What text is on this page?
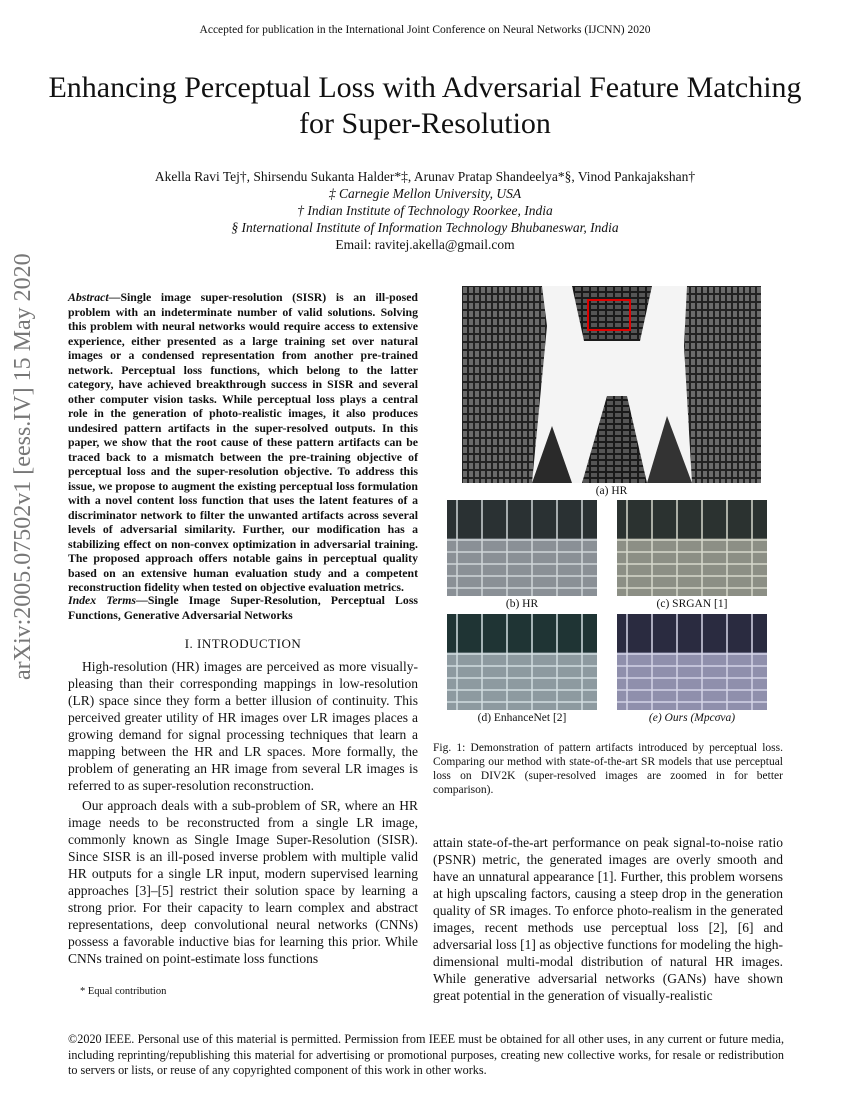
Accepted for publication in the International Joint Conference on Neural Networks (IJCNN) 2020
Enhancing Perceptual Loss with Adversarial Feature Matching for Super-Resolution
Akella Ravi Tej†, Shirsendu Sukanta Halder*‡, Arunav Pratap Shandeelya*§, Vinod Pankajakshan†
‡ Carnegie Mellon University, USA
† Indian Institute of Technology Roorkee, India
§ International Institute of Information Technology Bhubaneswar, India
Email: ravitej.akella@gmail.com
arXiv:2005.07502v1 [eess.IV] 15 May 2020	Abstract—Single image super-resolution (SISR) is an ill-posed problem with an indeterminate number of valid solutions. Solving this problem with neural networks would require access to extensive experience, either presented as a large training set over natural images or a condensed representation from another pre-trained network. Perceptual loss functions, which belong to the latter category, have achieved breakthrough success in SISR and several other computer vision tasks. While perceptual loss plays a central role in the generation of photo-realistic images, it also produces undesired pattern artifacts in the super-resolved outputs. In this paper, we show that the root cause of these pattern artifacts can be traced back to a mismatch between the pre-training objective of perceptual loss and the super-resolution objective. To address this issue, we propose to augment the existing perceptual loss formulation with a novel content loss function that uses the latent features of a discriminator network to filter the unwanted artifacts across several levels of adversarial similarity. Further, our modification has a stabilizing effect on non-convex optimization in adversarial training. The proposed approach offers notable gains in perceptual quality based on an extensive human evaluation study and a competent reconstruction fidelity when tested on objective evaluation metrics.
Index Terms—Single Image Super-Resolution, Perceptual Loss Functions, Generative Adversarial Networks
I. INTRODUCTION

High-resolution (HR) images are perceived as more visually-pleasing than their corresponding mappings in low-resolution (LR) space since they form a better illusion of continuity. This perceived greater utility of HR images over LR images places a growing demand for signal processing techniques that learn a mapping between the HR and LR spaces. More formally, the problem of generating an HR image from several LR images is referred to as super-resolution reconstruction.

Our approach deals with a sub-problem of SR, where an HR image needs to be reconstructed from a single LR image, commonly known as Single Image Super-Resolution (SISR). Since SISR is an ill-posed inverse problem with multiple valid HR outputs for a single LR input, modern supervised learning approaches [3]–[5] restrict their solution space by learning a strong prior. For their capacity to learn complex and abstract representations, deep convolutional neural networks (CNNs) possess a favorable inductive bias for learning this prior. While CNNs trained on point-estimate loss functions

* Equal contribution
(a) HR
(b) HR	(c) SRGAN [1]
(d) EnhanceNet [2]	(e) Ours (Mpcσva)
Fig. 1: Demonstration of pattern artifacts introduced by perceptual loss. Comparing our method with state-of-the-art SR models that use perceptual loss on DIV2K (super-resolved images are zoomed in for better comparison).

attain state-of-the-art performance on peak signal-to-noise ratio (PSNR) metric, the generated images are overly smooth and have an unnatural appearance [1]. Further, this problem worsens at high upscaling factors, causing a steep drop in the generation quality of SR images. To enforce photo-realism in the generated images, recent methods use perceptual loss [2], [6] and adversarial loss [1] as objective functions for modeling the high-dimensional multi-modal distribution of natural HR images. While generative adversarial networks (GANs) have shown great potential in the generation of visually-realistic

©2020 IEEE. Personal use of this material is permitted. Permission from IEEE must be obtained for all other uses, in any current or future media, including reprinting/republishing this material for advertising or promotional purposes, creating new collective works, for resale or redistribution to servers or lists, or reuse of any copyrighted component of this work in other works.
